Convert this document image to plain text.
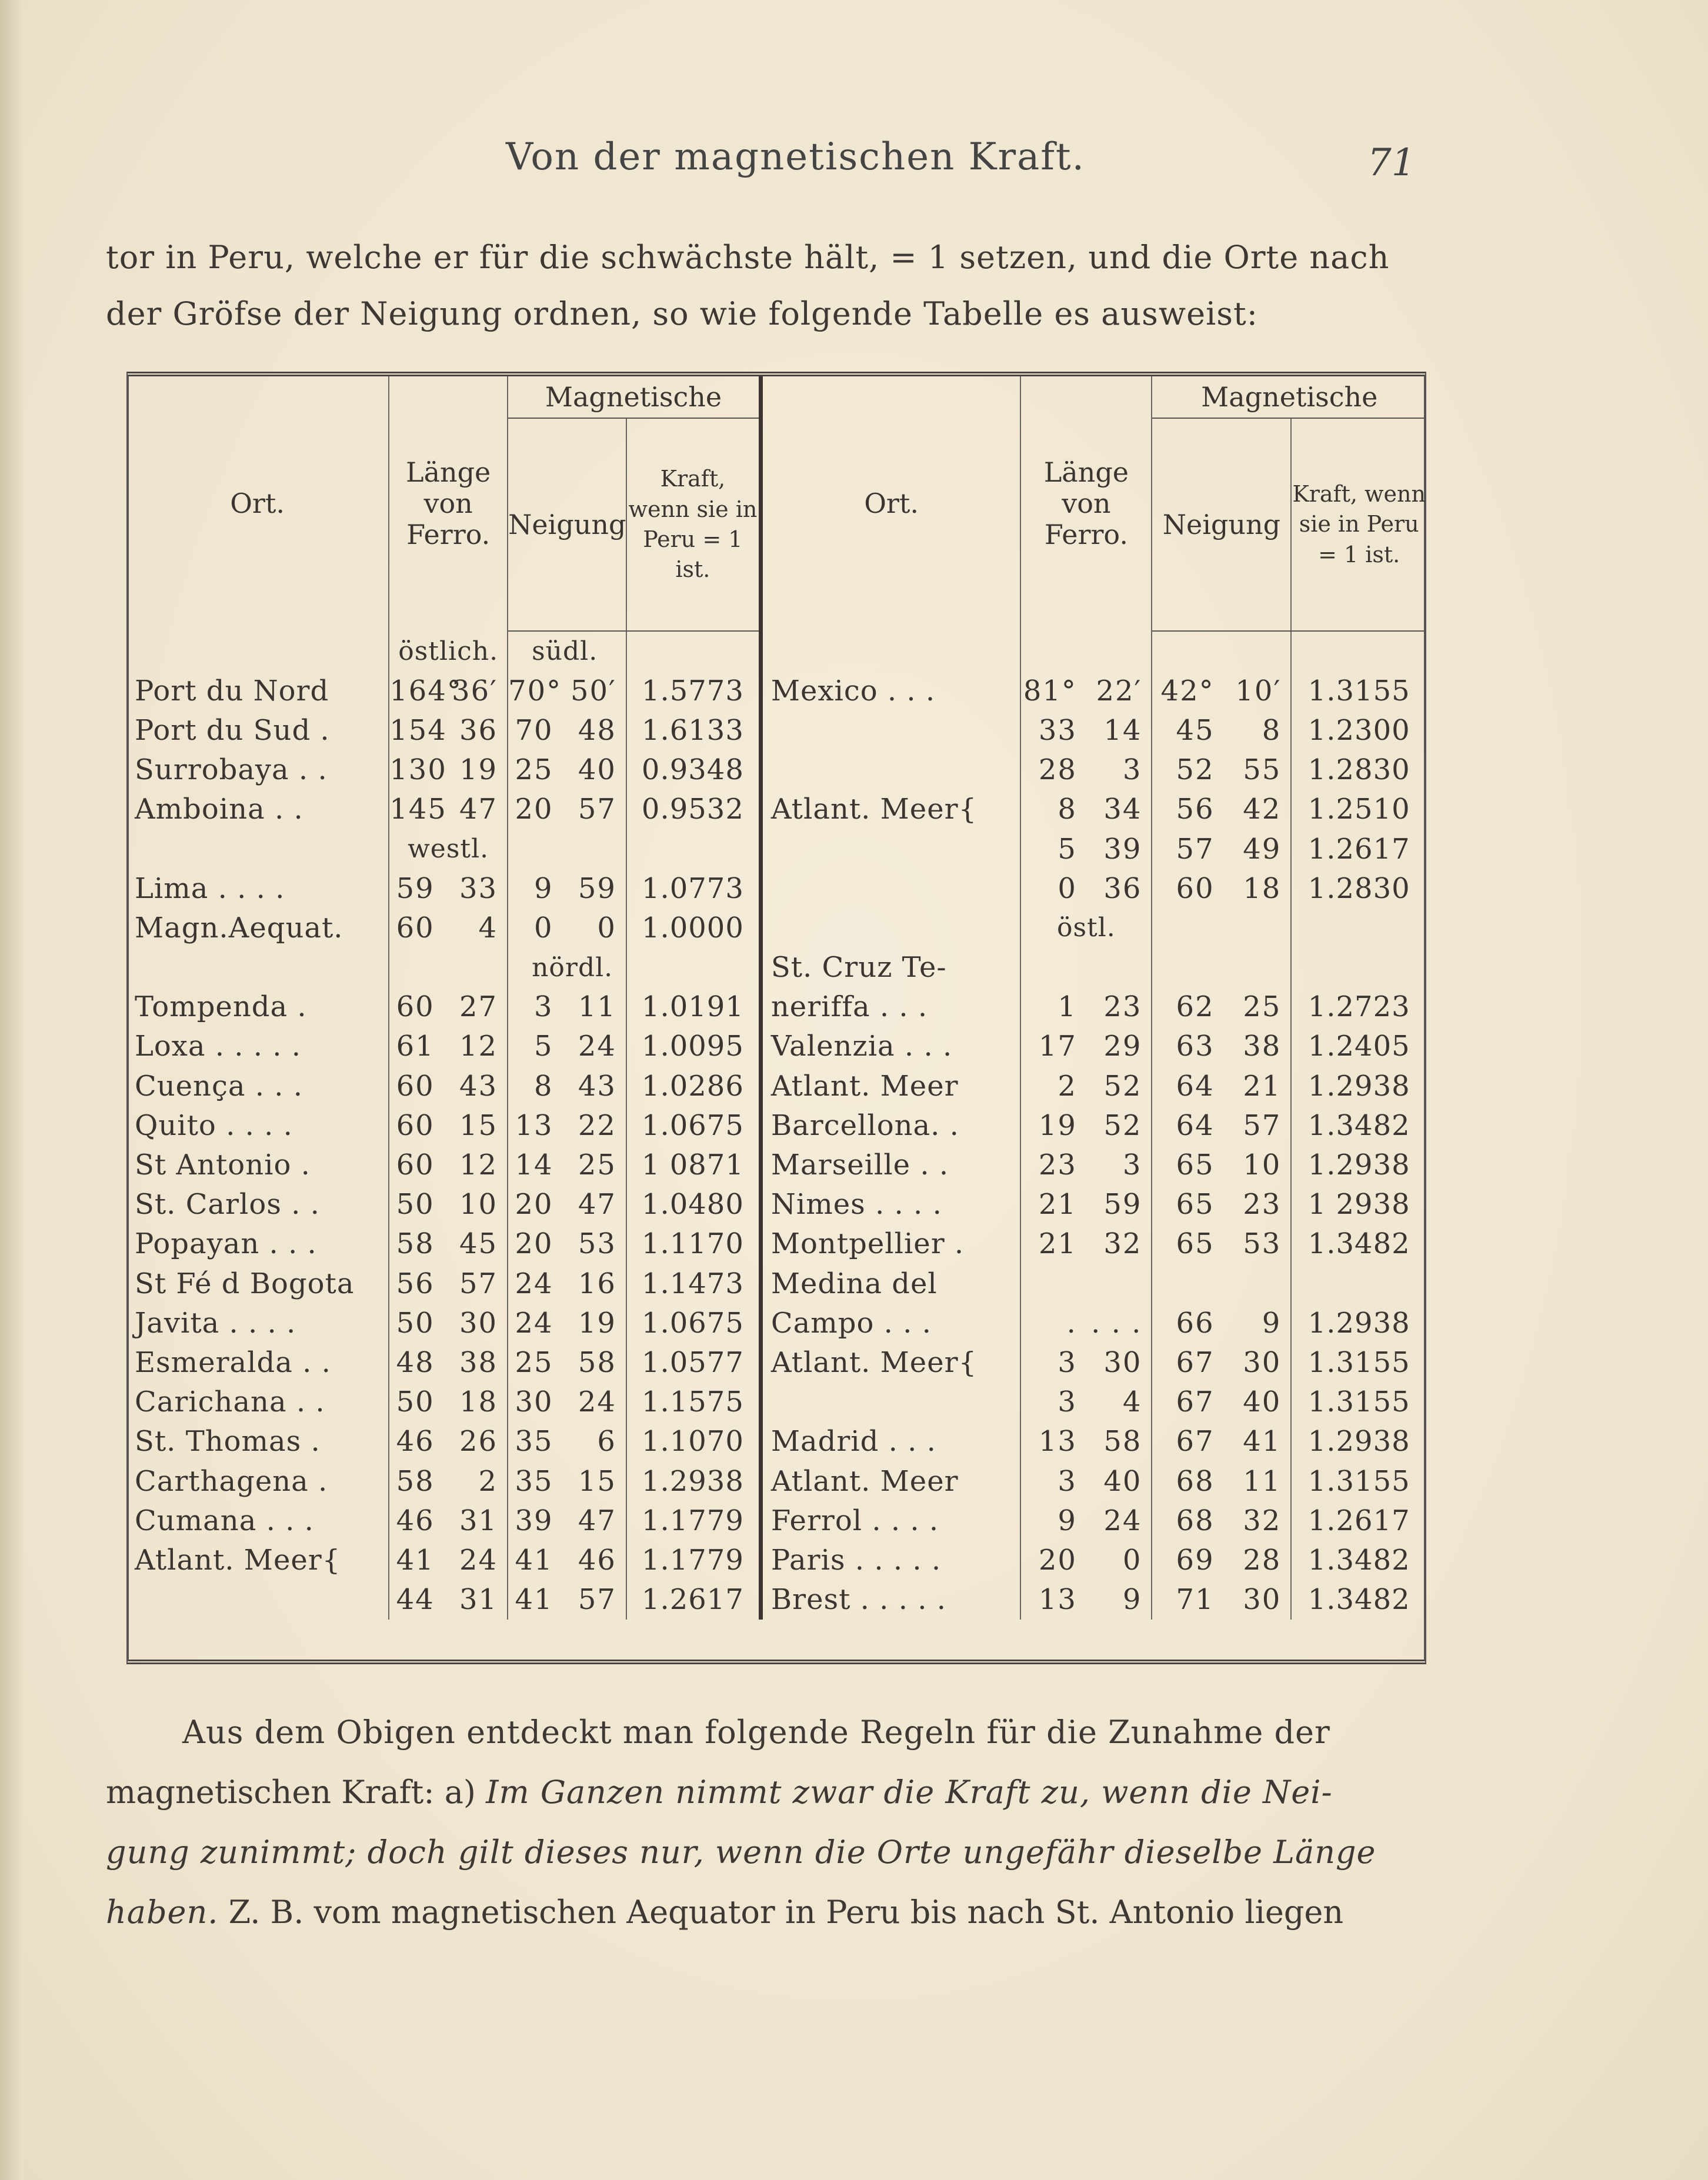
Von der magnetischen Kraft.	71

tor in Peru, welche er für die schwächste hält, = 1 setzen, und die Orte nach
der Gröfse der Neigung ordnen, so wie folgende Tabelle es ausweist:

Ort.	Länge von Ferro.		Magnetische			Ort.	Länge von Ferro.		Magnetische		
			Neigung		Kraft, wenn sie in Peru = 1 ist.				Neigung		Kraft, wenn sie in Peru = 1 ist.
	östlich.		südl.								
Port du Nord	164°	36′	70°	50′	1.5773	Mexico . . .	81°	22′	42°	10′	1.3155
Port du Sud .	154	36	70	48	1.6133		33	14	45	8	1.2300
Surrobaya . .	130	19	25	40	0.9348		28	3	52	55	1.2830
Amboina . .	145	47	20	57	0.9532	Atlant. Meer{	8	34	56	42	1.2510
	westl.						5	39	57	49	1.2617
Lima . . . .	59	33	9	59	1.0773		0	36	60	18	1.2830
Magn.Aequat.	60	4	0	0	1.0000		östl.				
			nördl.			St. Cruz Te-					
Tompenda .	60	27	3	11	1.0191	neriffa . . .	1	23	62	25	1.2723
Loxa . . . . .	61	12	5	24	1.0095	Valenzia . . .	17	29	63	38	1.2405
Cuença . . .	60	43	8	43	1.0286	Atlant. Meer	2	52	64	21	1.2938
Quito . . . .	60	15	13	22	1.0675	Barcellona. .	19	52	64	57	1.3482
St Antonio .	60	12	14	25	1 0871	Marseille . .	23	3	65	10	1.2938
St. Carlos . .	50	10	20	47	1.0480	Nimes . . . .	21	59	65	23	1 2938
Popayan . . .	58	45	20	53	1.1170	Montpellier .	21	32	65	53	1.3482
St Fé d Bogota	56	57	24	16	1.1473	Medina del					
Javita . . . .	50	30	24	19	1.0675	Campo . . .	.	. . .	66	9	1.2938
Esmeralda . .	48	38	25	58	1.0577	Atlant. Meer{	3	30	67	30	1.3155
Carichana . .	50	18	30	24	1.1575		3	4	67	40	1.3155
St. Thomas .	46	26	35	6	1.1070	Madrid . . .	13	58	67	41	1.2938
Carthagena .	58	2	35	15	1.2938	Atlant. Meer	3	40	68	11	1.3155
Cumana . . .	46	31	39	47	1.1779	Ferrol . . . .	9	24	68	32	1.2617
Atlant. Meer{	41	24	41	46	1.1779	Paris . . . . .	20	0	69	28	1.3482
	44	31	41	57	1.2617	Brest . . . . .	13	9	71	30	1.3482

Aus dem Obigen entdeckt man folgende Regeln für die Zunahme der
magnetischen Kraft: a) Im Ganzen nimmt zwar die Kraft zu, wenn die Nei-
gung zunimmt; doch gilt dieses nur, wenn die Orte ungefähr dieselbe Länge
haben. Z. B. vom magnetischen Aequator in Peru bis nach St. Antonio liegen
